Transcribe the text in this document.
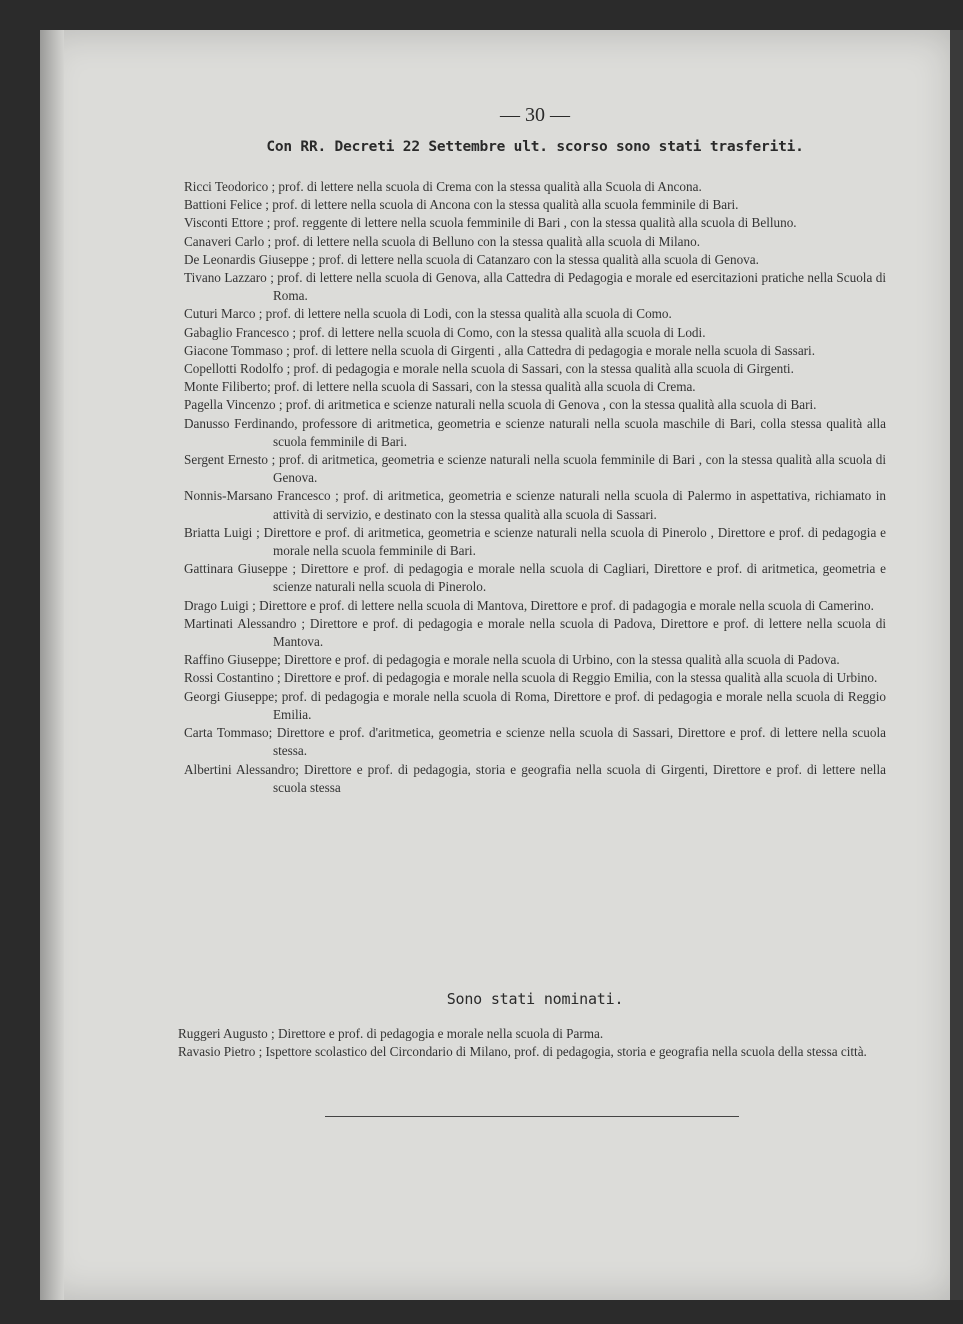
— 30 —
Con RR. Decreti 22 Settembre ult. scorso sono stati trasferiti.
Ricci Teodorico ; prof. di lettere nella scuola di Crema con la stessa qualità alla Scuola di Ancona.
Battioni Felice ; prof. di lettere nella scuola di Ancona con la stessa qualità alla scuola femminile di Bari.
Visconti Ettore ; prof. reggente di lettere nella scuola femminile di Bari , con la stessa qualità alla scuola di Belluno.
Canaveri Carlo ; prof. di lettere nella scuola di Belluno con la stessa qualità alla scuola di Milano.
De Leonardis Giuseppe ; prof. di lettere nella scuola di Catanzaro con la stessa qualità alla scuola di Genova.
Tivano Lazzaro ; prof. di lettere nella scuola di Genova, alla Cattedra di Pedagogia e morale ed esercitazioni pratiche nella Scuola di Roma.
Cuturi Marco ; prof. di lettere nella scuola di Lodi, con la stessa qualità alla scuola di Como.
Gabaglio Francesco ; prof. di lettere nella scuola di Como, con la stessa qualità alla scuola di Lodi.
Giacone Tommaso ; prof. di lettere nella scuola di Girgenti , alla Cattedra di pedagogia e morale nella scuola di Sassari.
Copellotti Rodolfo ; prof. di pedagogia e morale nella scuola di Sassari, con la stessa qualità alla scuola di Girgenti.
Monte Filiberto; prof. di lettere nella scuola di Sassari, con la stessa qualità alla scuola di Crema.
Pagella Vincenzo ; prof. di aritmetica e scienze naturali nella scuola di Genova , con la stessa qualità alla scuola di Bari.
Danusso Ferdinando, professore di aritmetica, geometria e scienze naturali nella scuola maschile di Bari, colla stessa qualità alla scuola femminile di Bari.
Sergent Ernesto ; prof. di aritmetica, geometria e scienze naturali nella scuola femminile di Bari , con la stessa qualità alla scuola di Genova.
Nonnis-Marsano Francesco ; prof. di aritmetica, geometria e scienze naturali nella scuola di Palermo in aspettativa, richiamato in attività di servizio, e destinato con la stessa qualità alla scuola di Sassari.
Briatta Luigi ; Direttore e prof. di aritmetica, geometria e scienze naturali nella scuola di Pinerolo , Direttore e prof. di pedagogia e morale nella scuola femminile di Bari.
Gattinara Giuseppe ; Direttore e prof. di pedagogia e morale nella scuola di Cagliari, Direttore e prof. di aritmetica, geometria e scienze naturali nella scuola di Pinerolo.
Drago Luigi ; Direttore e prof. di lettere nella scuola di Mantova, Direttore e prof. di padagogia e morale nella scuola di Camerino.
Martinati Alessandro ; Direttore e prof. di pedagogia e morale nella scuola di Padova, Direttore e prof. di lettere nella scuola di Mantova.
Raffino Giuseppe; Direttore e prof. di pedagogia e morale nella scuola di Urbino, con la stessa qualità alla scuola di Padova.
Rossi Costantino ; Direttore e prof. di pedagogia e morale nella scuola di Reggio Emilia, con la stessa qualità alla scuola di Urbino.
Georgi Giuseppe; prof. di pedagogia e morale nella scuola di Roma, Direttore e prof. di pedagogia e morale nella scuola di Reggio Emilia.
Carta Tommaso; Direttore e prof. d'aritmetica, geometria e scienze nella scuola di Sassari, Direttore e prof. di lettere nella scuola stessa.
Albertini Alessandro; Direttore e prof. di pedagogia, storia e geografia nella scuola di Girgenti, Direttore e prof. di lettere nella scuola stessa
Sono stati nominati.
Ruggeri Augusto ; Direttore e prof. di pedagogia e morale nella scuola di Parma.
Ravasio Pietro ; Ispettore scolastico del Circondario di Milano, prof. di pedagogia, storia e geografia nella scuola della stessa città.
